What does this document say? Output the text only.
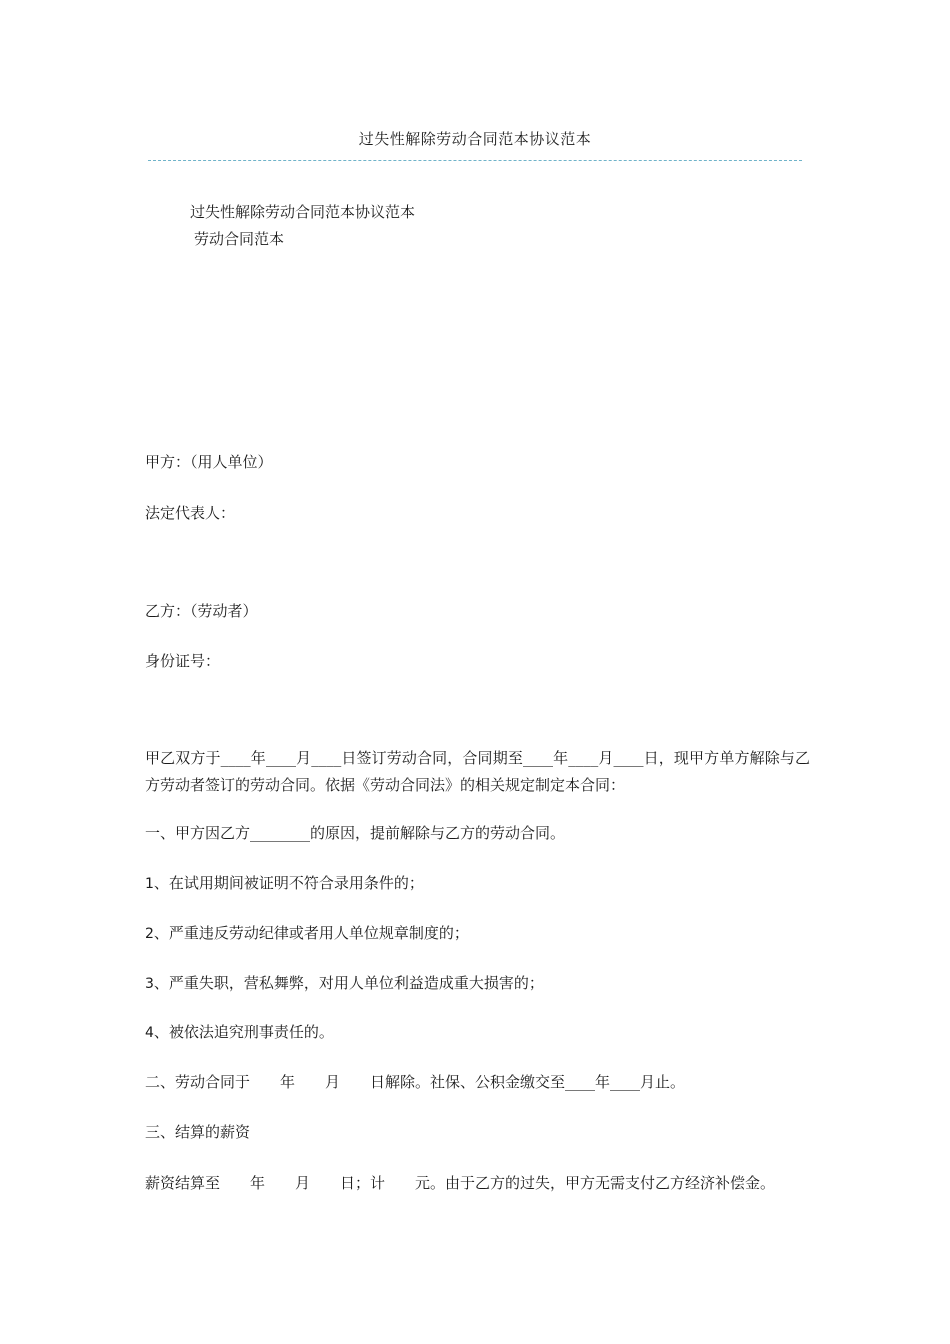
过失性解除劳动合同范本协议范本
过失性解除劳动合同范本协议范本
劳动合同范本
甲方：（用人单位）
法定代表人：
乙方：（劳动者）
身份证号：
甲乙双方于____年____月____日签订劳动合同，合同期至____年____月____日，现甲方单方解除与乙方劳动者签订的劳动合同。依据《劳动合同法》的相关规定制定本合同：
一、甲方因乙方________的原因，提前解除与乙方的劳动合同。
1、在试用期间被证明不符合录用条件的；
2、严重违反劳动纪律或者用人单位规章制度的；
3、严重失职，营私舞弊，对用人单位利益造成重大损害的；
4、被依法追究刑事责任的。
二、劳动合同于　　年　　月　　日解除。社保、公积金缴交至____年____月止。
三、结算的薪资
薪资结算至　　年　　月　　日；计　　元。由于乙方的过失，甲方无需支付乙方经济补偿金。
